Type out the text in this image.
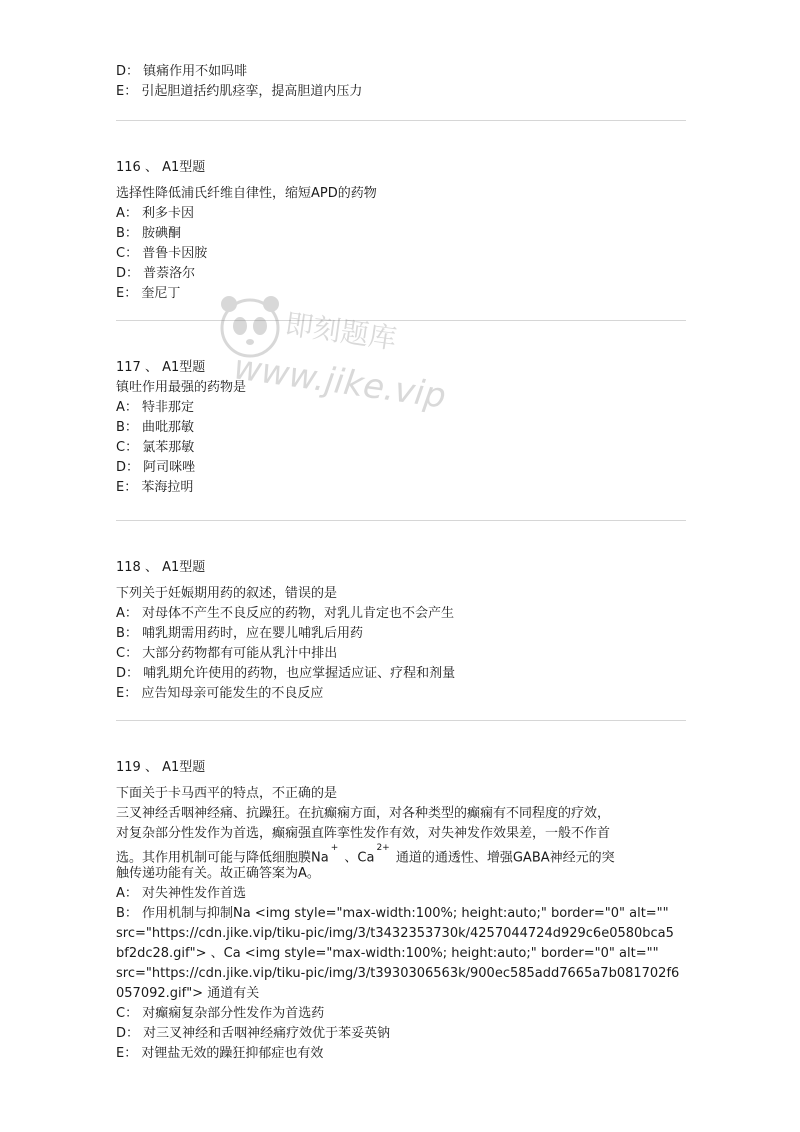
D： 镇痛作用不如吗啡
E： 引起胆道括约肌痉挛，提高胆道内压力
116 、 A1型题
选择性降低浦氏纤维自律性，缩短APD的药物
A： 利多卡因
B： 胺碘酮
C： 普鲁卡因胺
D： 普萘洛尔
E： 奎尼丁
117 、 A1型题
镇吐作用最强的药物是
A： 特非那定
B： 曲吡那敏
C： 氯苯那敏
D： 阿司咪唑
E： 苯海拉明
118 、 A1型题
下列关于妊娠期用药的叙述，错误的是
A： 对母体不产生不良反应的药物，对乳儿肯定也不会产生
B： 哺乳期需用药时，应在婴儿哺乳后用药
C： 大部分药物都有可能从乳汁中排出
D： 哺乳期允许使用的药物，也应掌握适应证、疗程和剂量
E： 应告知母亲可能发生的不良反应
119 、 A1型题
下面关于卡马西平的特点，不正确的是
三叉神经舌咽神经痛、抗躁狂。在抗癫痫方面，对各种类型的癫痫有不同程度的疗效，
对复杂部分性发作为首选，癫痫强直阵挛性发作有效，对失神发作效果差，一般不作首
选。其作用机制可能与降低细胞膜Na+ 、$Ca^{2+}$ 通道的通透性、增强GABA神经元的突
触传递功能有关。故正确答案为A。
A： 对失神性发作首选
B： 作用机制与抑制Na <img style="max-width:100%; height:auto;" border="0" alt=""
src="https://cdn.jike.vip/tiku-pic/img/3/t3432353730k/4257044724d929c6e0580bca5
bf2dc28.gif"> 、Ca <img style="max-width:100%; height:auto;" border="0" alt=""
src="https://cdn.jike.vip/tiku-pic/img/3/t3930306563k/900ec585add7665a7b081702f6
057092.gif"> 通道有关
C： 对癫痫复杂部分性发作为首选药
D： 对三叉神经和舌咽神经痛疗效优于苯妥英钠
E： 对锂盐无效的躁狂抑郁症也有效
即刻题库
www.jike.vip
